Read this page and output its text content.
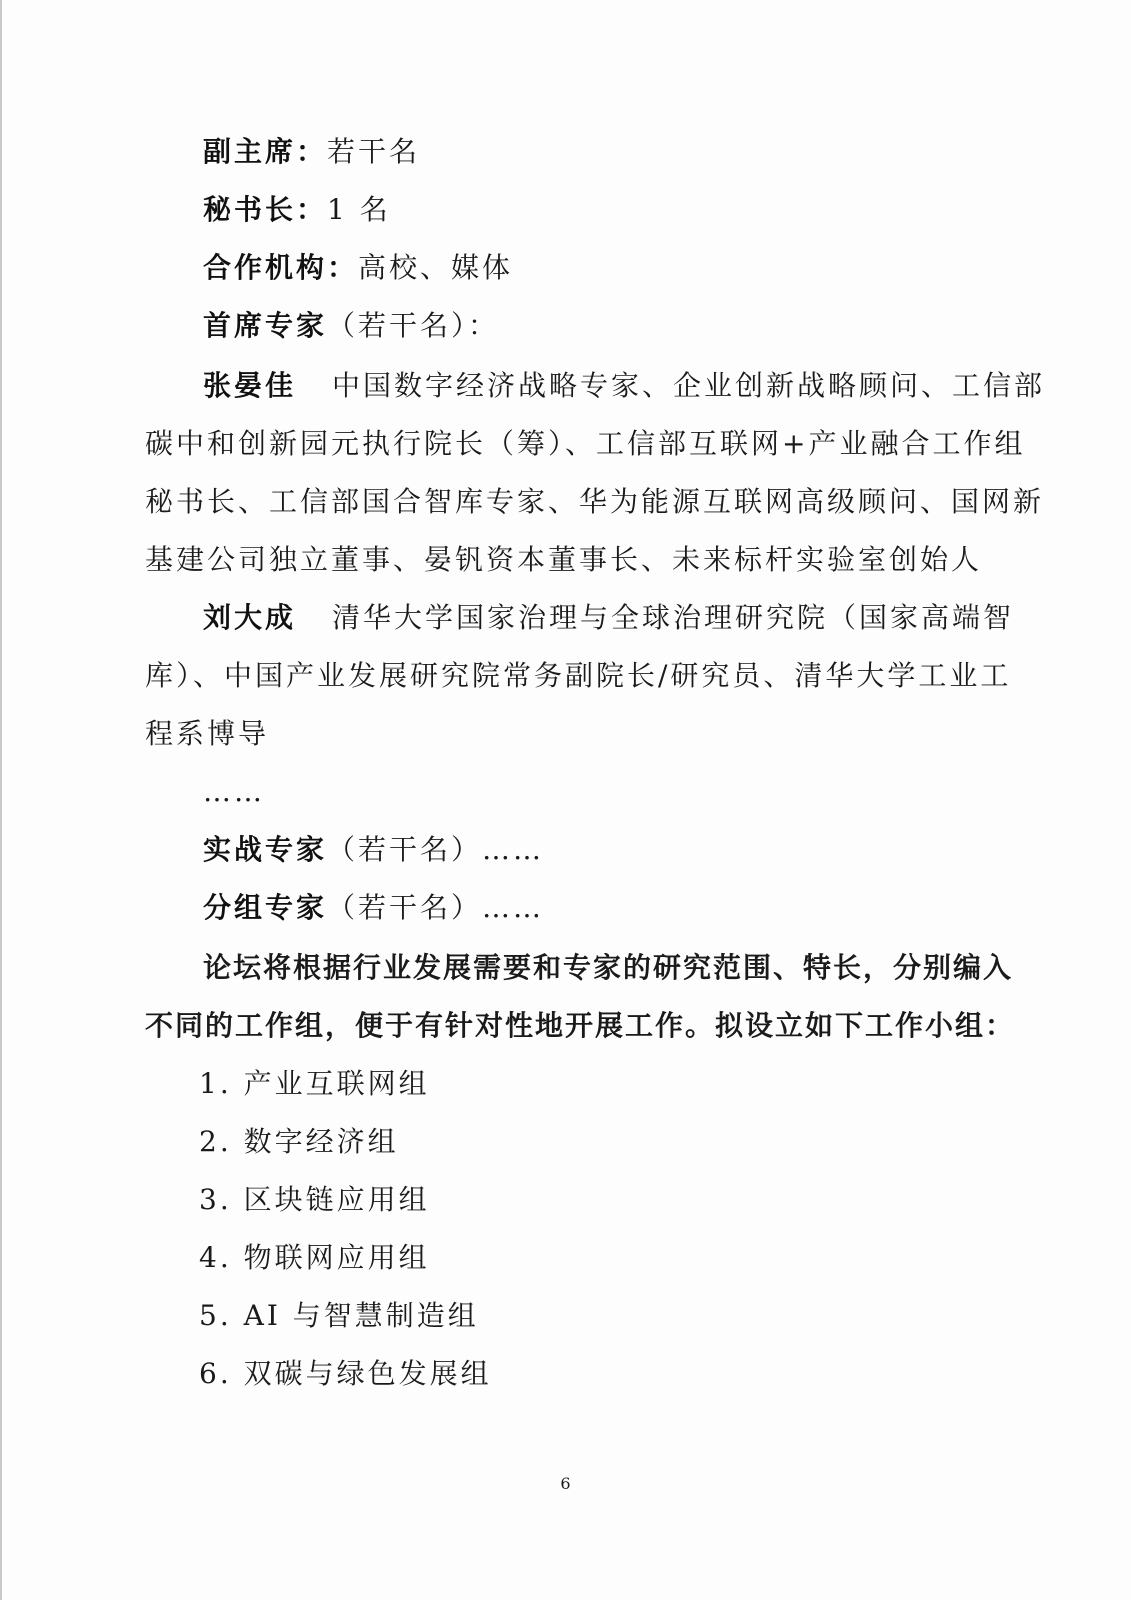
副主席：若干名
秘书长：1 名
合作机构：高校、媒体
首席专家（若干名）：
张晏佳 中国数字经济战略专家、企业创新战略顾问、工信部
碳中和创新园元执行院长（筹）、工信部互联网+产业融合工作组
秘书长、工信部国合智库专家、华为能源互联网高级顾问、国网新
基建公司独立董事、晏钒资本董事长、未来标杆实验室创始人
刘大成 清华大学国家治理与全球治理研究院（国家高端智
库）、中国产业发展研究院常务副院长/研究员、清华大学工业工
程系博导
……
实战专家（若干名）……
分组专家（若干名）……
论坛将根据行业发展需要和专家的研究范围、特长，分别编入
不同的工作组，便于有针对性地开展工作。拟设立如下工作小组：
1. 产业互联网组
2. 数字经济组
3. 区块链应用组
4. 物联网应用组
5. AI 与智慧制造组
6. 双碳与绿色发展组
6
